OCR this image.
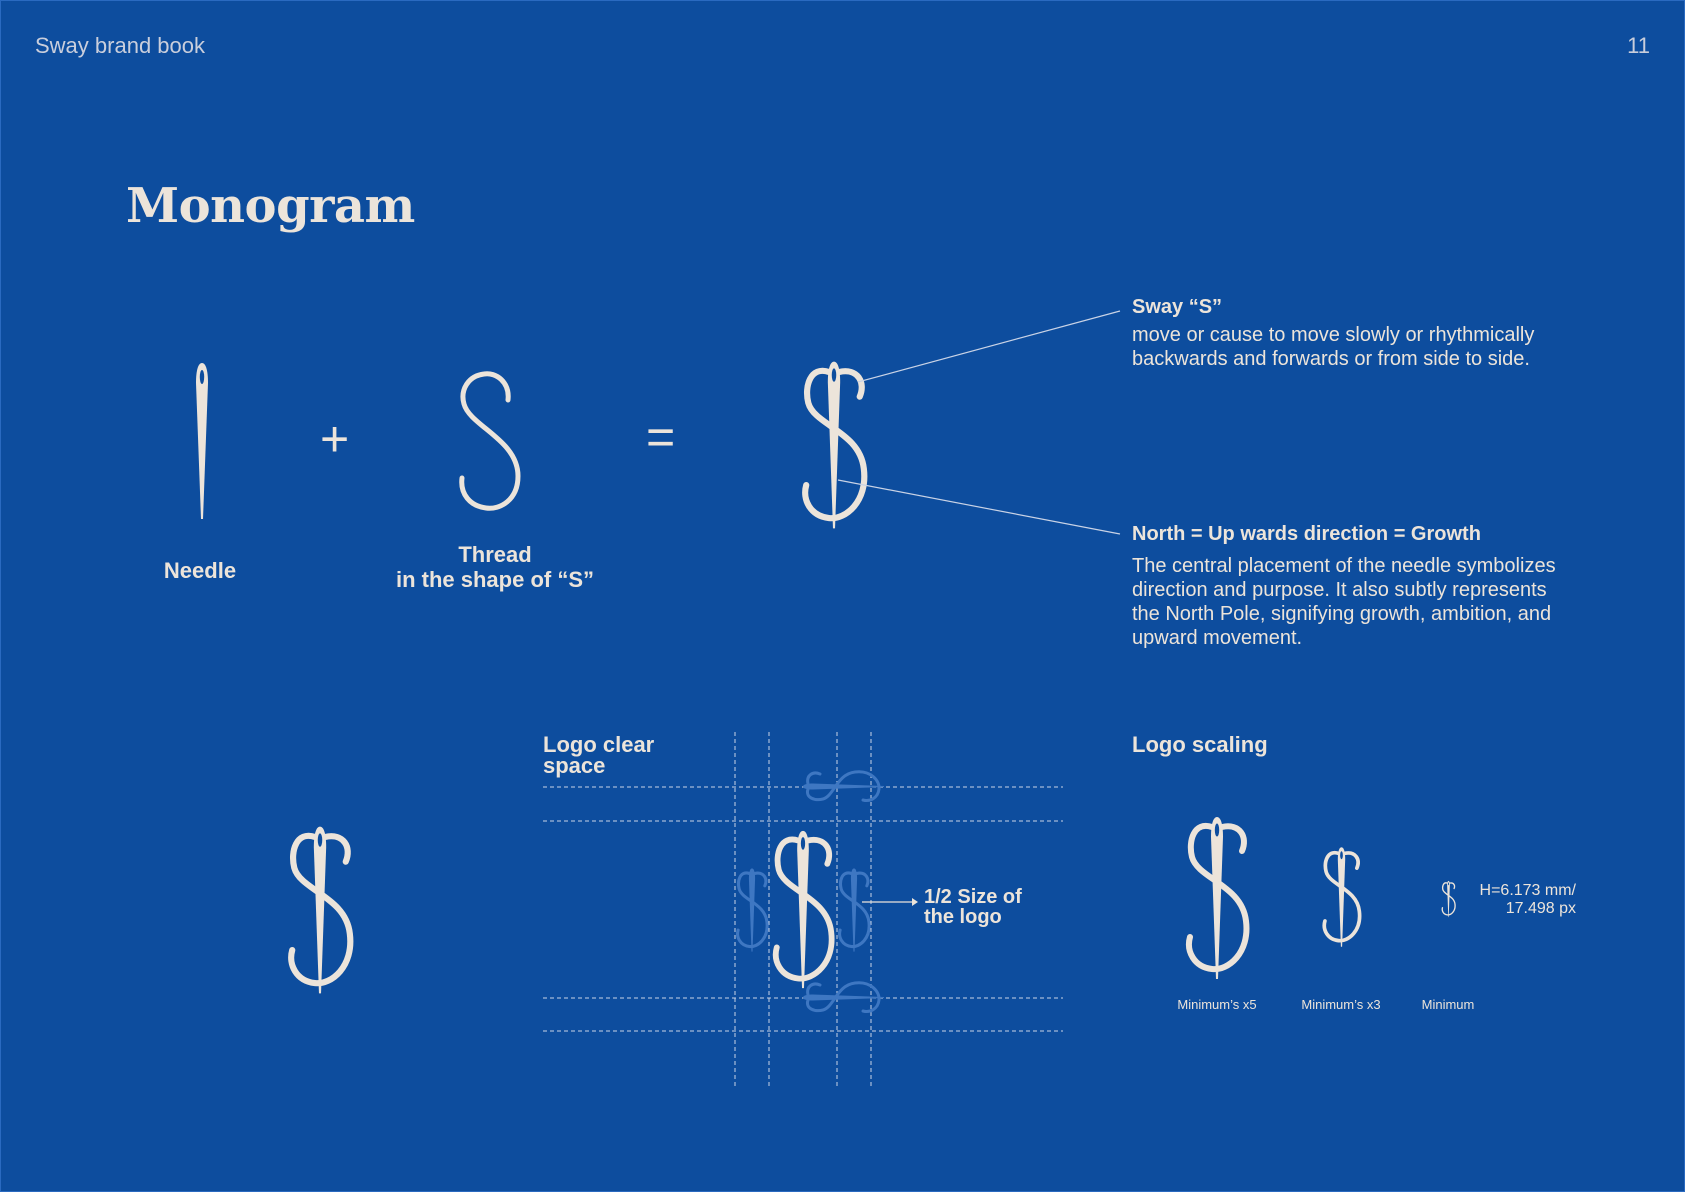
Sway brand book	11
Monogram
Needle
+
Thread
in the shape of “S”
=
Sway “S”
move or cause to move slowly or rhythmically
backwards and forwards or from side to side.
North = Up wards direction = Growth
The central placement of the needle symbolizes
direction and purpose. It also subtly represents
the North Pole, signifying growth, ambition, and
upward movement.
Logo clear
space
1/2 Size of
the logo
Logo scaling
H=6.173 mm/
17.498 px
Minimum’s x5	Minimum’s x3	Minimum
